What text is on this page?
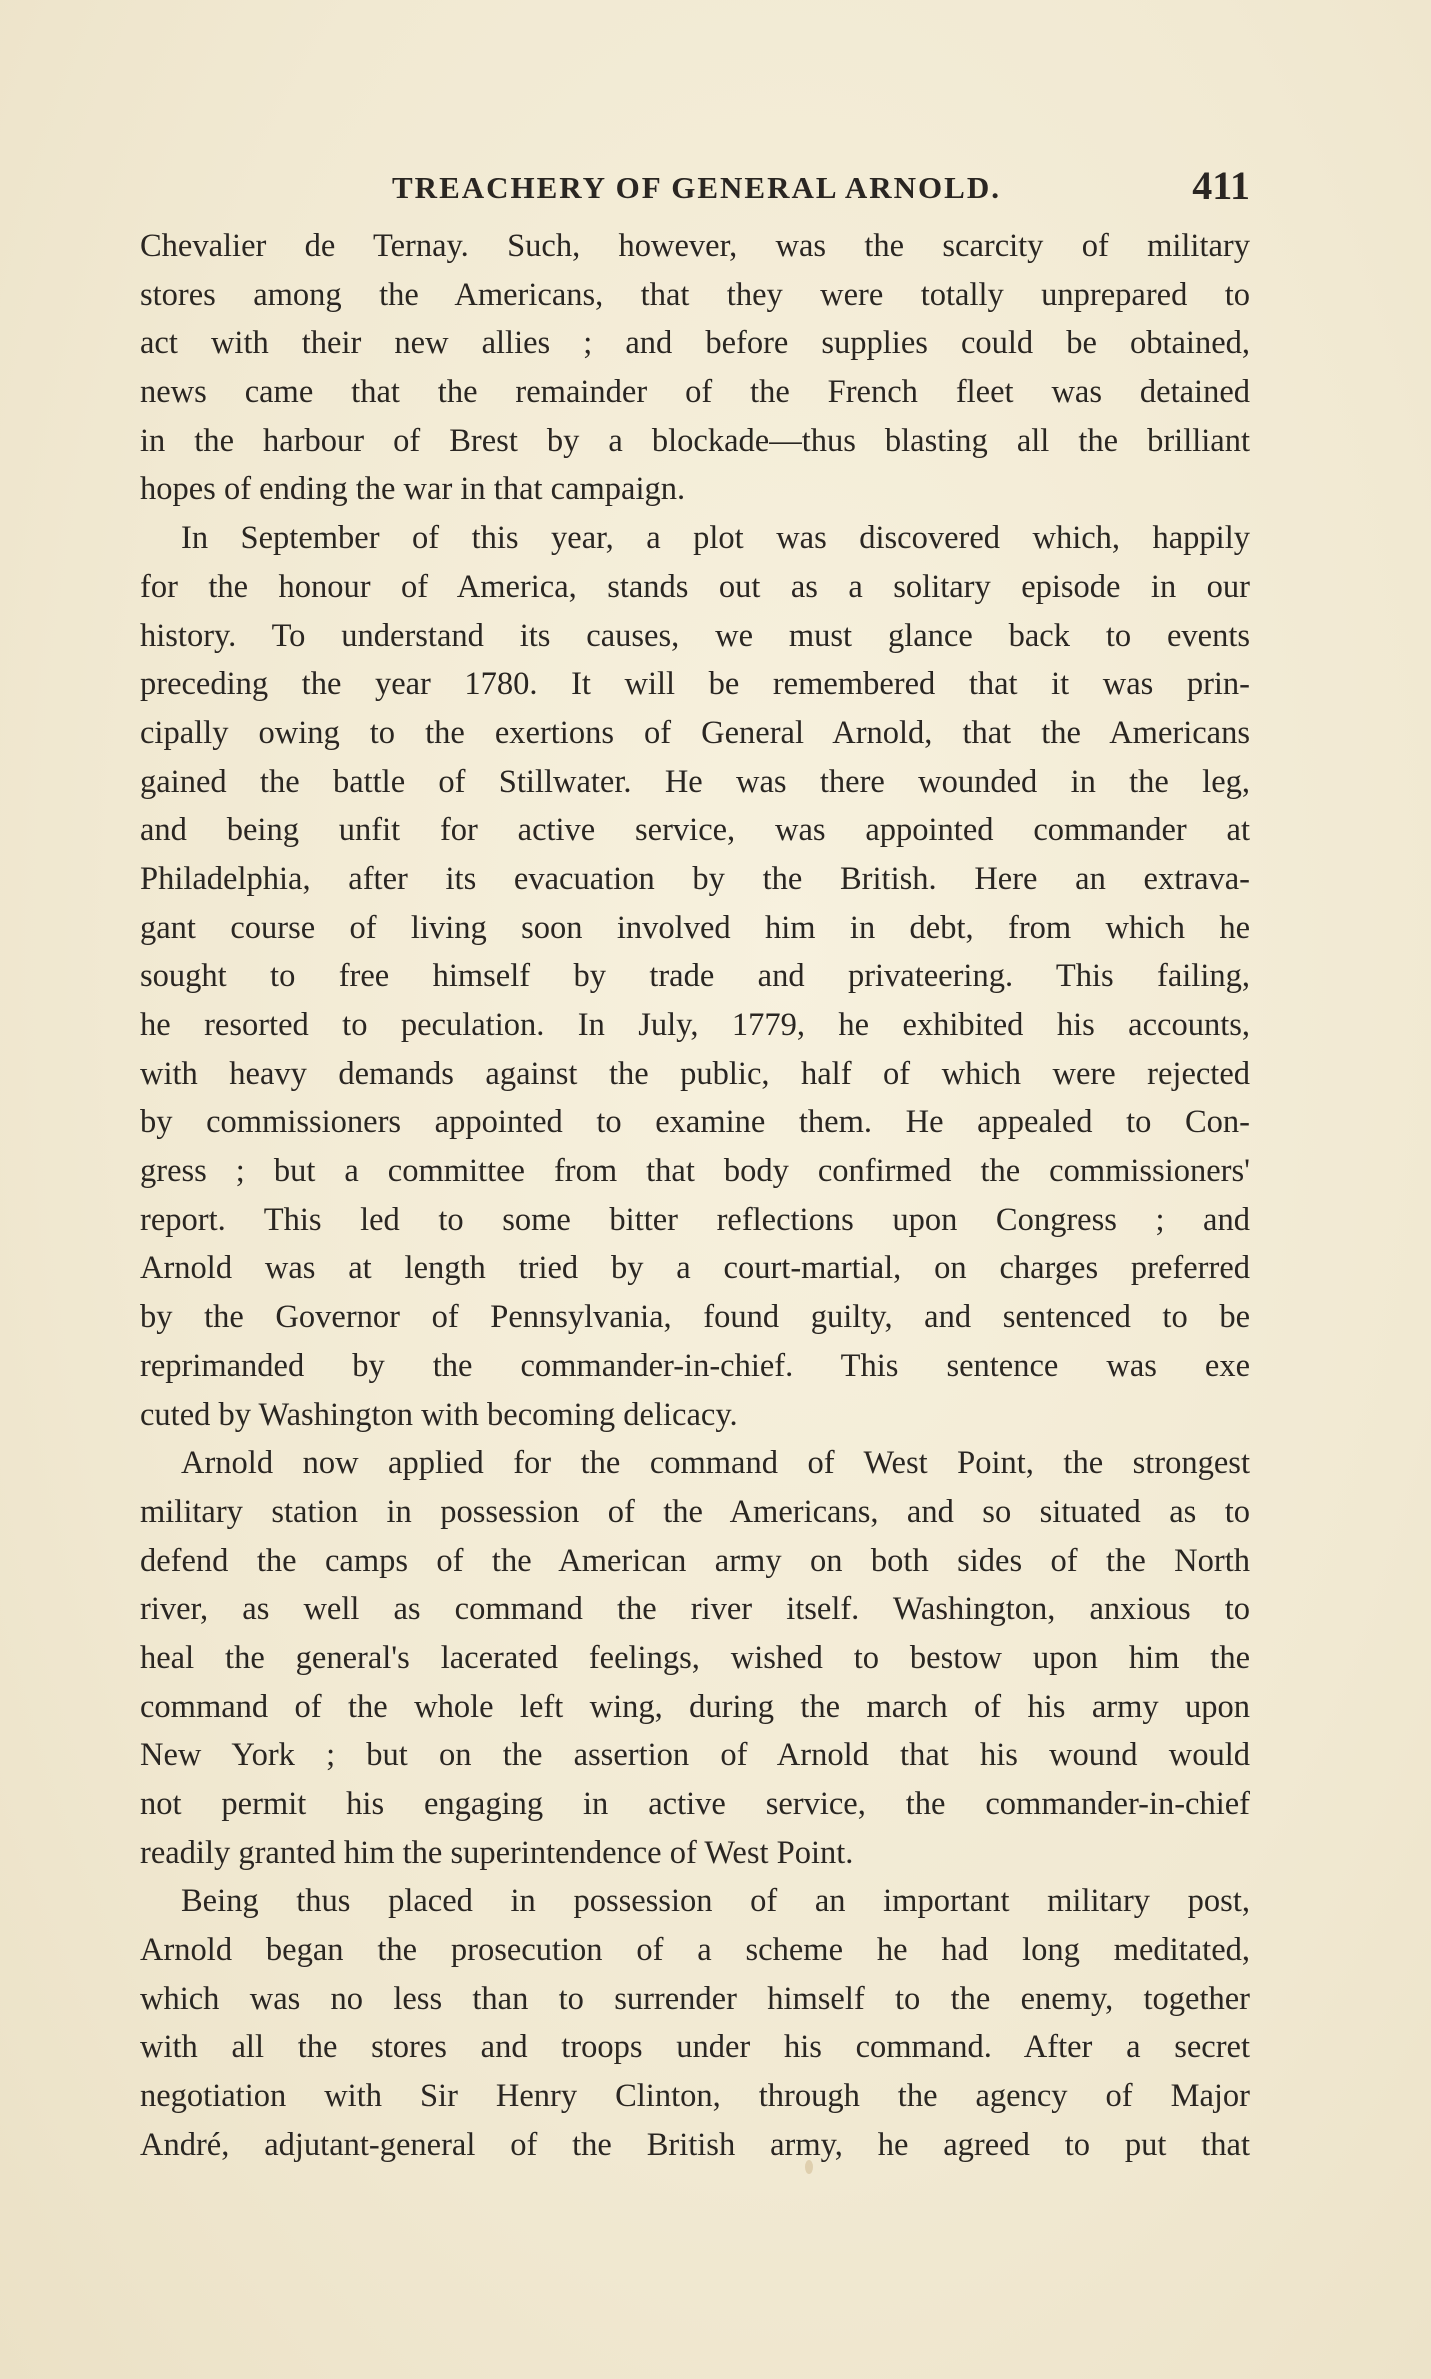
TREACHERY OF GENERAL ARNOLD.	411
Chevalier de Ternay. Such, however, was the scarcity of military
stores among the Americans, that they were totally unprepared to
act with their new allies ; and before supplies could be obtained,
news came that the remainder of the French fleet was detained
in the harbour of Brest by a blockade—thus blasting all the brilliant
hopes of ending the war in that campaign.
In September of this year, a plot was discovered which, happily
for the honour of America, stands out as a solitary episode in our
history. To understand its causes, we must glance back to events
preceding the year 1780. It will be remembered that it was prin-
cipally owing to the exertions of General Arnold, that the Americans
gained the battle of Stillwater. He was there wounded in the leg,
and being unfit for active service, was appointed commander at
Philadelphia, after its evacuation by the British. Here an extrava-
gant course of living soon involved him in debt, from which he
sought to free himself by trade and privateering. This failing,
he resorted to peculation. In July, 1779, he exhibited his accounts,
with heavy demands against the public, half of which were rejected
by commissioners appointed to examine them. He appealed to Con-
gress ; but a committee from that body confirmed the commissioners'
report. This led to some bitter reflections upon Congress ; and
Arnold was at length tried by a court-martial, on charges preferred
by the Governor of Pennsylvania, found guilty, and sentenced to be
reprimanded by the commander-in-chief. This sentence was exe
cuted by Washington with becoming delicacy.
Arnold now applied for the command of West Point, the strongest
military station in possession of the Americans, and so situated as to
defend the camps of the American army on both sides of the North
river, as well as command the river itself. Washington, anxious to
heal the general's lacerated feelings, wished to bestow upon him the
command of the whole left wing, during the march of his army upon
New York ; but on the assertion of Arnold that his wound would
not permit his engaging in active service, the commander-in-chief
readily granted him the superintendence of West Point.
Being thus placed in possession of an important military post,
Arnold began the prosecution of a scheme he had long meditated,
which was no less than to surrender himself to the enemy, together
with all the stores and troops under his command. After a secret
negotiation with Sir Henry Clinton, through the agency of Major
André, adjutant-general of the British army, he agreed to put that
